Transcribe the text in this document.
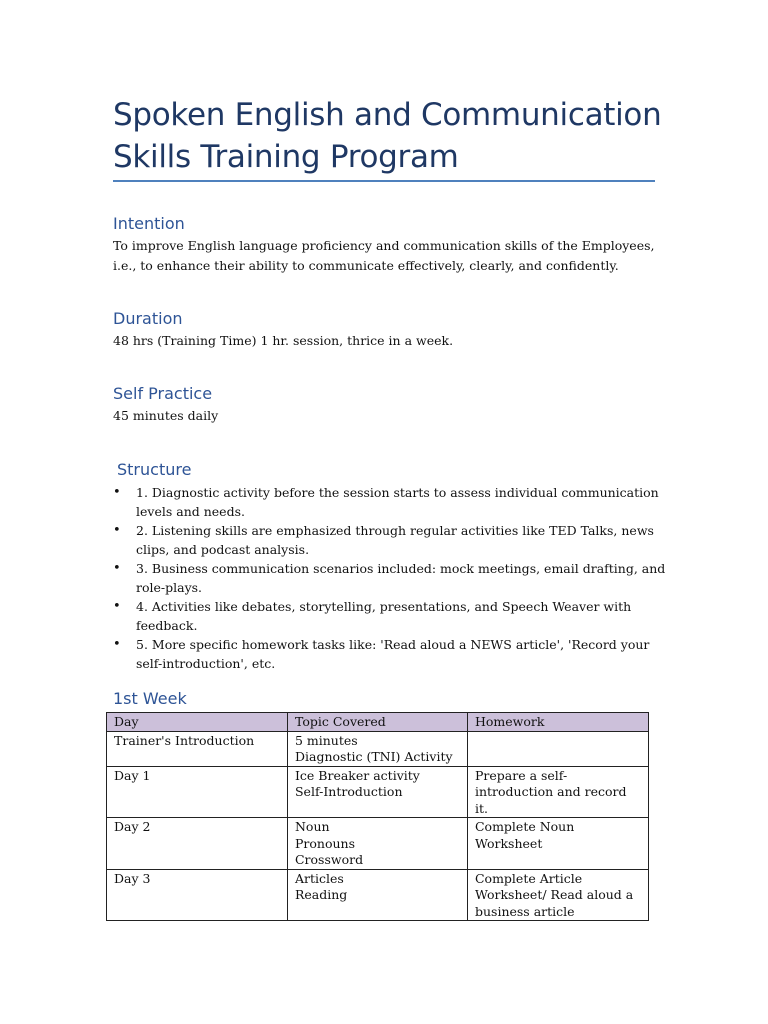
Spoken English and Communication
Skills Training Program
Intention

To improve English language proficiency and communication skills of the Employees, i.e., to enhance their ability to communicate effectively, clearly, and confidently.

Duration

48 hrs (Training Time) 1 hr. session, thrice in a week.

Self Practice

45 minutes daily

Structure
• 1. Diagnostic activity before the session starts to assess individual communication levels and needs.
• 2. Listening skills are emphasized through regular activities like TED Talks, news clips, and podcast analysis.
• 3. Business communication scenarios included: mock meetings, email drafting, and role-plays.
• 4. Activities like debates, storytelling, presentations, and Speech Weaver with feedback.
• 5. More specific homework tasks like: 'Read aloud a NEWS article', 'Record your self-introduction', etc.
1st Week
Day	Topic Covered	Homework
Trainer's Introduction	5 minutes
Diagnostic (TNI) Activity	

Day 1	Ice Breaker activity
Self-Introduction	Prepare a self-introduction and record it.
Day 2	Noun
Pronouns
Crossword	Complete Noun Worksheet
Day 3	Articles
Reading	Complete Article Worksheet/ Read aloud a business article
